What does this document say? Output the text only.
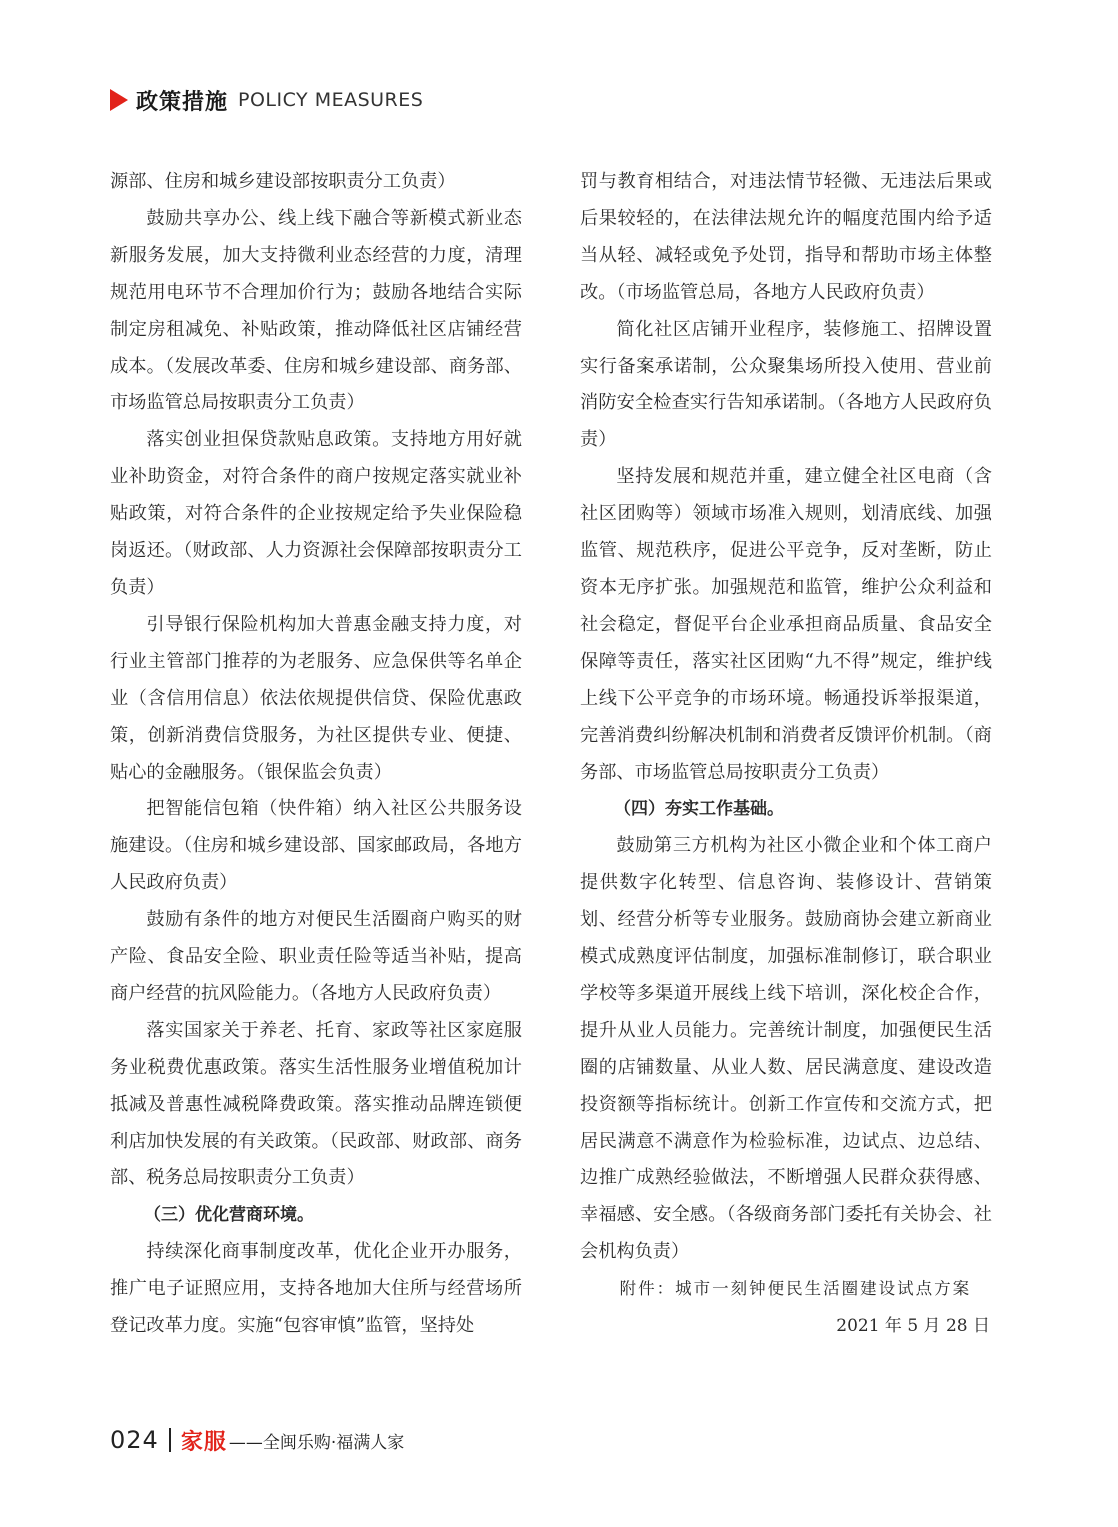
政策措施 POLICY MEASURES

源部、住房和城乡建设部按职责分工负责）

鼓励共享办公、线上线下融合等新模式新业态新服务发展，加大支持微利业态经营的力度，清理规范用电环节不合理加价行为；鼓励各地结合实际制定房租减免、补贴政策，推动降低社区店铺经营成本。（发展改革委、住房和城乡建设部、商务部、市场监管总局按职责分工负责）

落实创业担保贷款贴息政策。支持地方用好就业补助资金，对符合条件的商户按规定落实就业补贴政策，对符合条件的企业按规定给予失业保险稳岗返还。（财政部、人力资源社会保障部按职责分工负责）

引导银行保险机构加大普惠金融支持力度，对行业主管部门推荐的为老服务、应急保供等名单企业（含信用信息）依法依规提供信贷、保险优惠政策，创新消费信贷服务，为社区提供专业、便捷、贴心的金融服务。（银保监会负责）

把智能信包箱（快件箱）纳入社区公共服务设施建设。（住房和城乡建设部、国家邮政局，各地方人民政府负责）

鼓励有条件的地方对便民生活圈商户购买的财产险、食品安全险、职业责任险等适当补贴，提高商户经营的抗风险能力。（各地方人民政府负责）

落实国家关于养老、托育、家政等社区家庭服务业税费优惠政策。落实生活性服务业增值税加计抵减及普惠性减税降费政策。落实推动品牌连锁便利店加快发展的有关政策。（民政部、财政部、商务部、税务总局按职责分工负责）

（三）优化营商环境。

持续深化商事制度改革，优化企业开办服务，推广电子证照应用，支持各地加大住所与经营场所登记改革力度。实施“包容审慎”监管，坚持处

罚与教育相结合，对违法情节轻微、无违法后果或后果较轻的，在法律法规允许的幅度范围内给予适当从轻、减轻或免予处罚，指导和帮助市场主体整改。（市场监管总局，各地方人民政府负责）

简化社区店铺开业程序，装修施工、招牌设置实行备案承诺制，公众聚集场所投入使用、营业前消防安全检查实行告知承诺制。（各地方人民政府负责）

坚持发展和规范并重，建立健全社区电商（含社区团购等）领域市场准入规则，划清底线、加强监管、规范秩序，促进公平竞争，反对垄断，防止资本无序扩张。加强规范和监管，维护公众利益和社会稳定，督促平台企业承担商品质量、食品安全保障等责任，落实社区团购“九不得”规定，维护线上线下公平竞争的市场环境。畅通投诉举报渠道，完善消费纠纷解决机制和消费者反馈评价机制。（商务部、市场监管总局按职责分工负责）

（四）夯实工作基础。

鼓励第三方机构为社区小微企业和个体工商户提供数字化转型、信息咨询、装修设计、营销策划、经营分析等专业服务。鼓励商协会建立新商业模式成熟度评估制度，加强标准制修订，联合职业学校等多渠道开展线上线下培训，深化校企合作，提升从业人员能力。完善统计制度，加强便民生活圈的店铺数量、从业人数、居民满意度、建设改造投资额等指标统计。创新工作宣传和交流方式，把居民满意不满意作为检验标准，边试点、边总结、边推广成熟经验做法，不断增强人民群众获得感、幸福感、安全感。（各级商务部门委托有关协会、社会机构负责）

附件：城市一刻钟便民生活圈建设试点方案

2021 年 5 月 28 日

024 家服 ——全闽乐购·福满人家
